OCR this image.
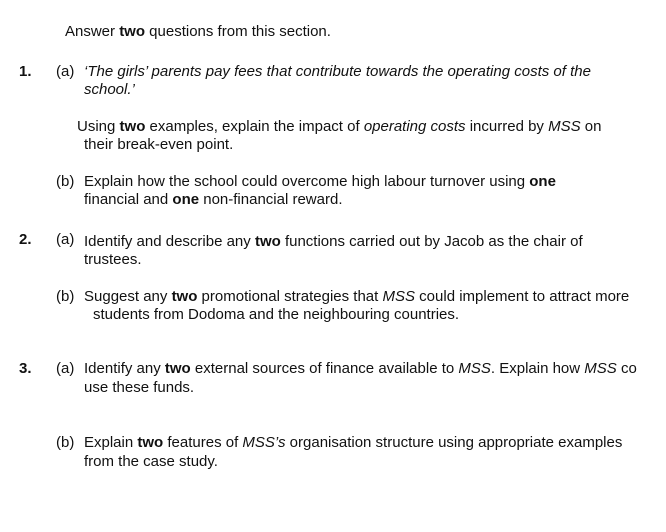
Answer two questions from this section.
1. (a) ‘The girls’ parents pay fees that contribute towards the operating costs of the
school.’
Using two examples, explain the impact of operating costs incurred by MSS on
their break-even point.
(b) Explain how the school could overcome high labour turnover using one
financial and one non-financial reward.
2. (a) Identify and describe any two functions carried out by Jacob as the chair of
trustees.
(b) Suggest any two promotional strategies that MSS could implement to attract more
students from Dodoma and the neighbouring countries.
3. (a) Identify any two external sources of finance available to MSS. Explain how MSS co
use these funds.
(b) Explain two features of MSS’s organisation structure using appropriate examples
from the case study.
